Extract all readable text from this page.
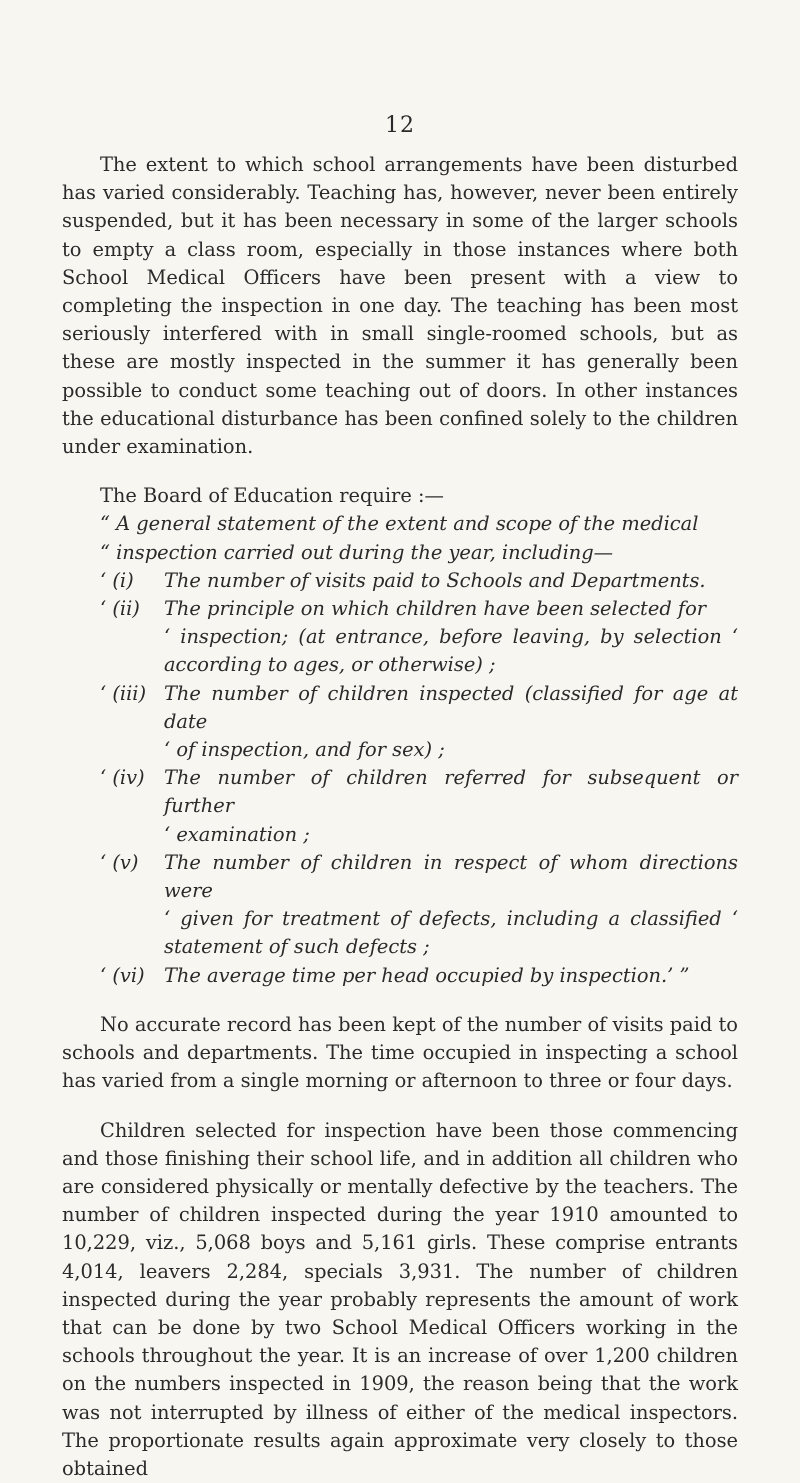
12

The extent to which school arrangements have been disturbed has varied considerably. Teaching has, however, never been entirely suspended, but it has been necessary in some of the larger schools to empty a class room, especially in those instances where both School Medical Officers have been present with a view to completing the inspection in one day. The teaching has been most seriously interfered with in small single-roomed schools, but as these are mostly inspected in the summer it has generally been possible to conduct some teaching out of doors. In other instances the educational disturbance has been confined solely to the children under examination.

The Board of Education require :—

“ A general statement of the extent and scope of the medical
“ inspection carried out during the year, including—
‘ (i)	The number of visits paid to Schools and Departments.
‘ (ii)	The principle on which children have been selected for
‘ inspection; (at entrance, before leaving, by selection ‘ according to ages, or otherwise) ;
‘ (iii) The number of children inspected (classified for age at date
‘ of inspection, and for sex) ;
‘ (iv) The number of children referred for subsequent or further
‘ examination ;
‘ (v)	The number of children in respect of whom directions were
‘ given for treatment of defects, including a classified ‘ statement of such defects ;
‘ (vi) The average time per head occupied by inspection.’ ”

No accurate record has been kept of the number of visits paid to schools and departments. The time occupied in inspecting a school has varied from a single morning or afternoon to three or four days.

Children selected for inspection have been those commencing and those finishing their school life, and in addition all children who are considered physically or mentally defective by the teachers. The number of children inspected during the year 1910 amounted to 10,229, viz., 5,068 boys and 5,161 girls. These comprise entrants 4,014, leavers 2,284, specials 3,931. The number of children inspected during the year probably represents the amount of work that can be done by two School Medical Officers working in the schools throughout the year. It is an increase of over 1,200 children on the numbers inspected in 1909, the reason being that the work was not interrupted by illness of either of the medical inspectors. The proportionate results again approximate very closely to those obtained
